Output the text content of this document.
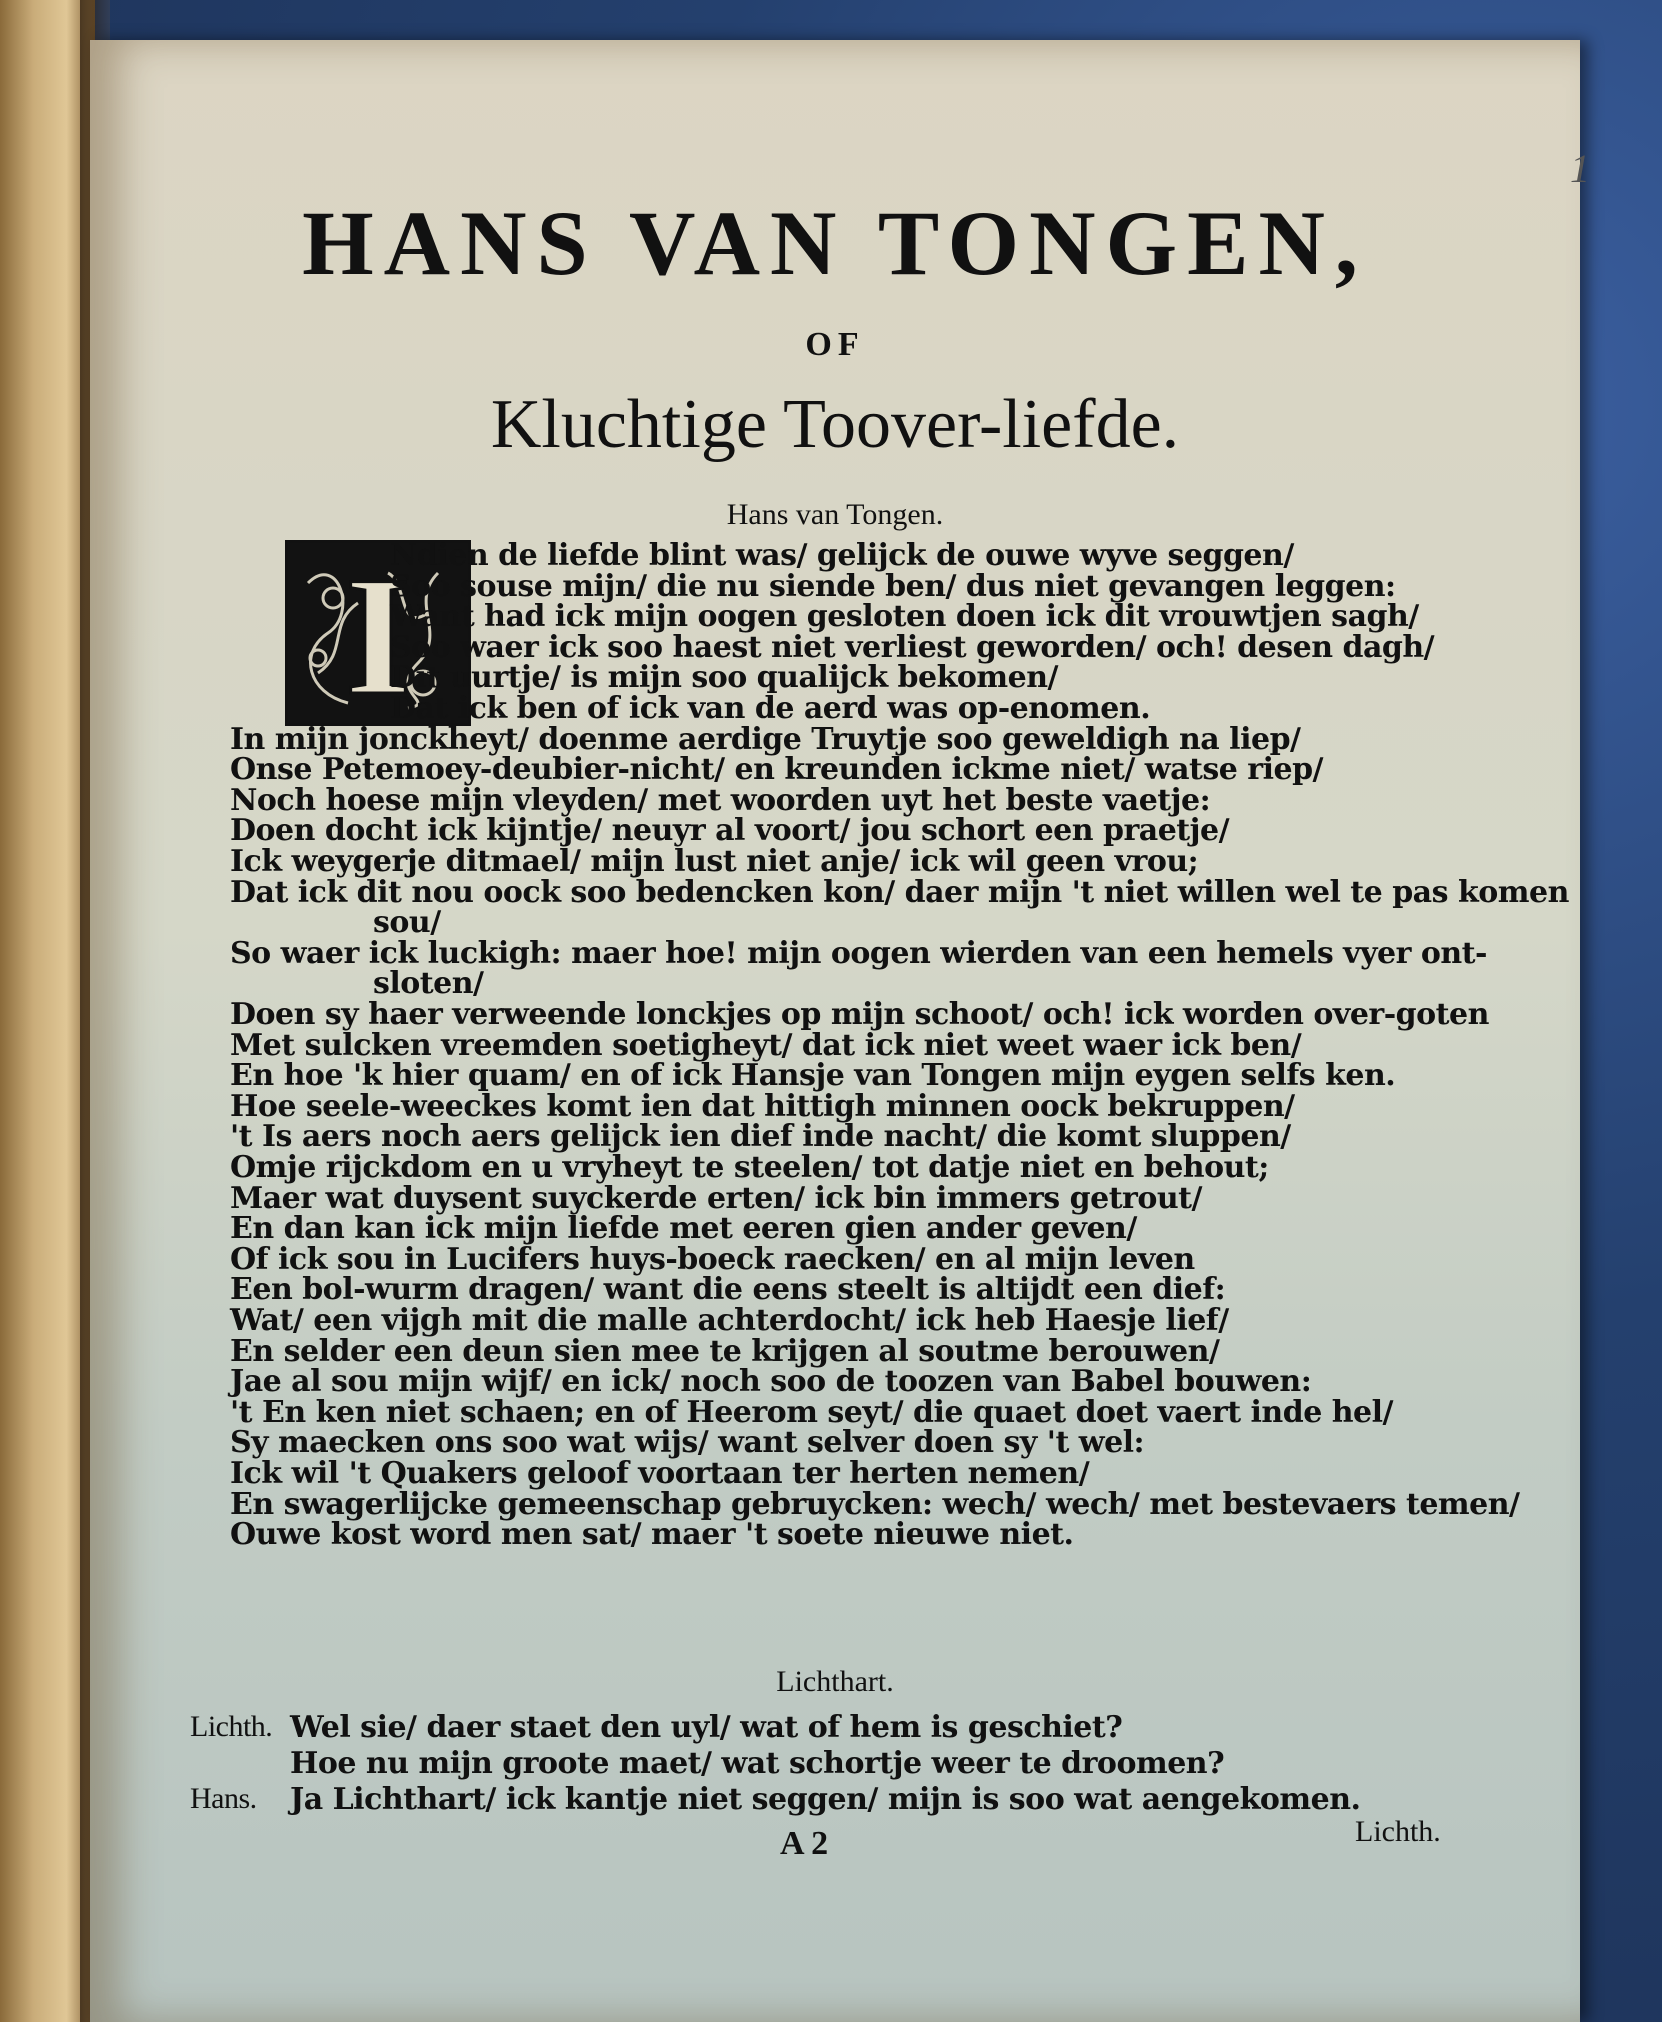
1
HANS VAN TONGEN,
OF
Kluchtige Toover-liefde.
Hans van Tongen.
I
Ndien de liefde blint was/ gelijck de ouwe wyve seggen/
Soo souse mijn/ die nu siende ben/ dus niet gevangen leggen:
Want had ick mijn oogen gesloten doen ick dit vrouwtjen sagh/
Soo waer ick soo haest niet verliest geworden/ och! desen dagh/
Dit uurtje/ is mijn soo qualijck bekomen/
Dat ick ben of ick van de aerd was op-enomen.
In mijn jonckheyt/ doenme aerdige Truytje soo geweldigh na liep/
Onse Petemoey-deubier-nicht/ en kreunden ickme niet/ watse riep/
Noch hoese mijn vleyden/ met woorden uyt het beste vaetje:
Doen docht ick kijntje/ neuyr al voort/ jou schort een praetje/
Ick weygerje ditmael/ mijn lust niet anje/ ick wil geen vrou;
Dat ick dit nou oock soo bedencken kon/ daer mijn 't niet willen wel te pas komen
sou/
So waer ick luckigh: maer hoe! mijn oogen wierden van een hemels vyer ont-
sloten/
Doen sy haer verweende lonckjes op mijn schoot/ och! ick worden over-goten
Met sulcken vreemden soetigheyt/ dat ick niet weet waer ick ben/
En hoe 'k hier quam/ en of ick Hansje van Tongen mijn eygen selfs ken.
Hoe seele-weeckes komt ien dat hittigh minnen oock bekruppen/
't Is aers noch aers gelijck ien dief inde nacht/ die komt sluppen/
Omje rijckdom en u vryheyt te steelen/ tot datje niet en behout;
Maer wat duysent suyckerde erten/ ick bin immers getrout/
En dan kan ick mijn liefde met eeren gien ander geven/
Of ick sou in Lucifers huys-boeck raecken/ en al mijn leven
Een bol-wurm dragen/ want die eens steelt is altijdt een dief:
Wat/ een vijgh mit die malle achterdocht/ ick heb Haesje lief/
En selder een deun sien mee te krijgen al soutme berouwen/
Jae al sou mijn wijf/ en ick/ noch soo de toozen van Babel bouwen:
't En ken niet schaen; en of Heerom seyt/ die quaet doet vaert inde hel/
Sy maecken ons soo wat wijs/ want selver doen sy 't wel:
Ick wil 't Quakers geloof voortaan ter herten nemen/
En swagerlijcke gemeenschap gebruycken: wech/ wech/ met bestevaers temen/
Ouwe kost word men sat/ maer 't soete nieuwe niet.
Lichthart.
Lichth. Wel sie/ daer staet den uyl/ wat of hem is geschiet?
Hoe nu mijn groote maet/ wat schortje weer te droomen?
Hans. Ja Lichthart/ ick kantje niet seggen/ mijn is soo wat aengekomen.
A 2	Lichth.
